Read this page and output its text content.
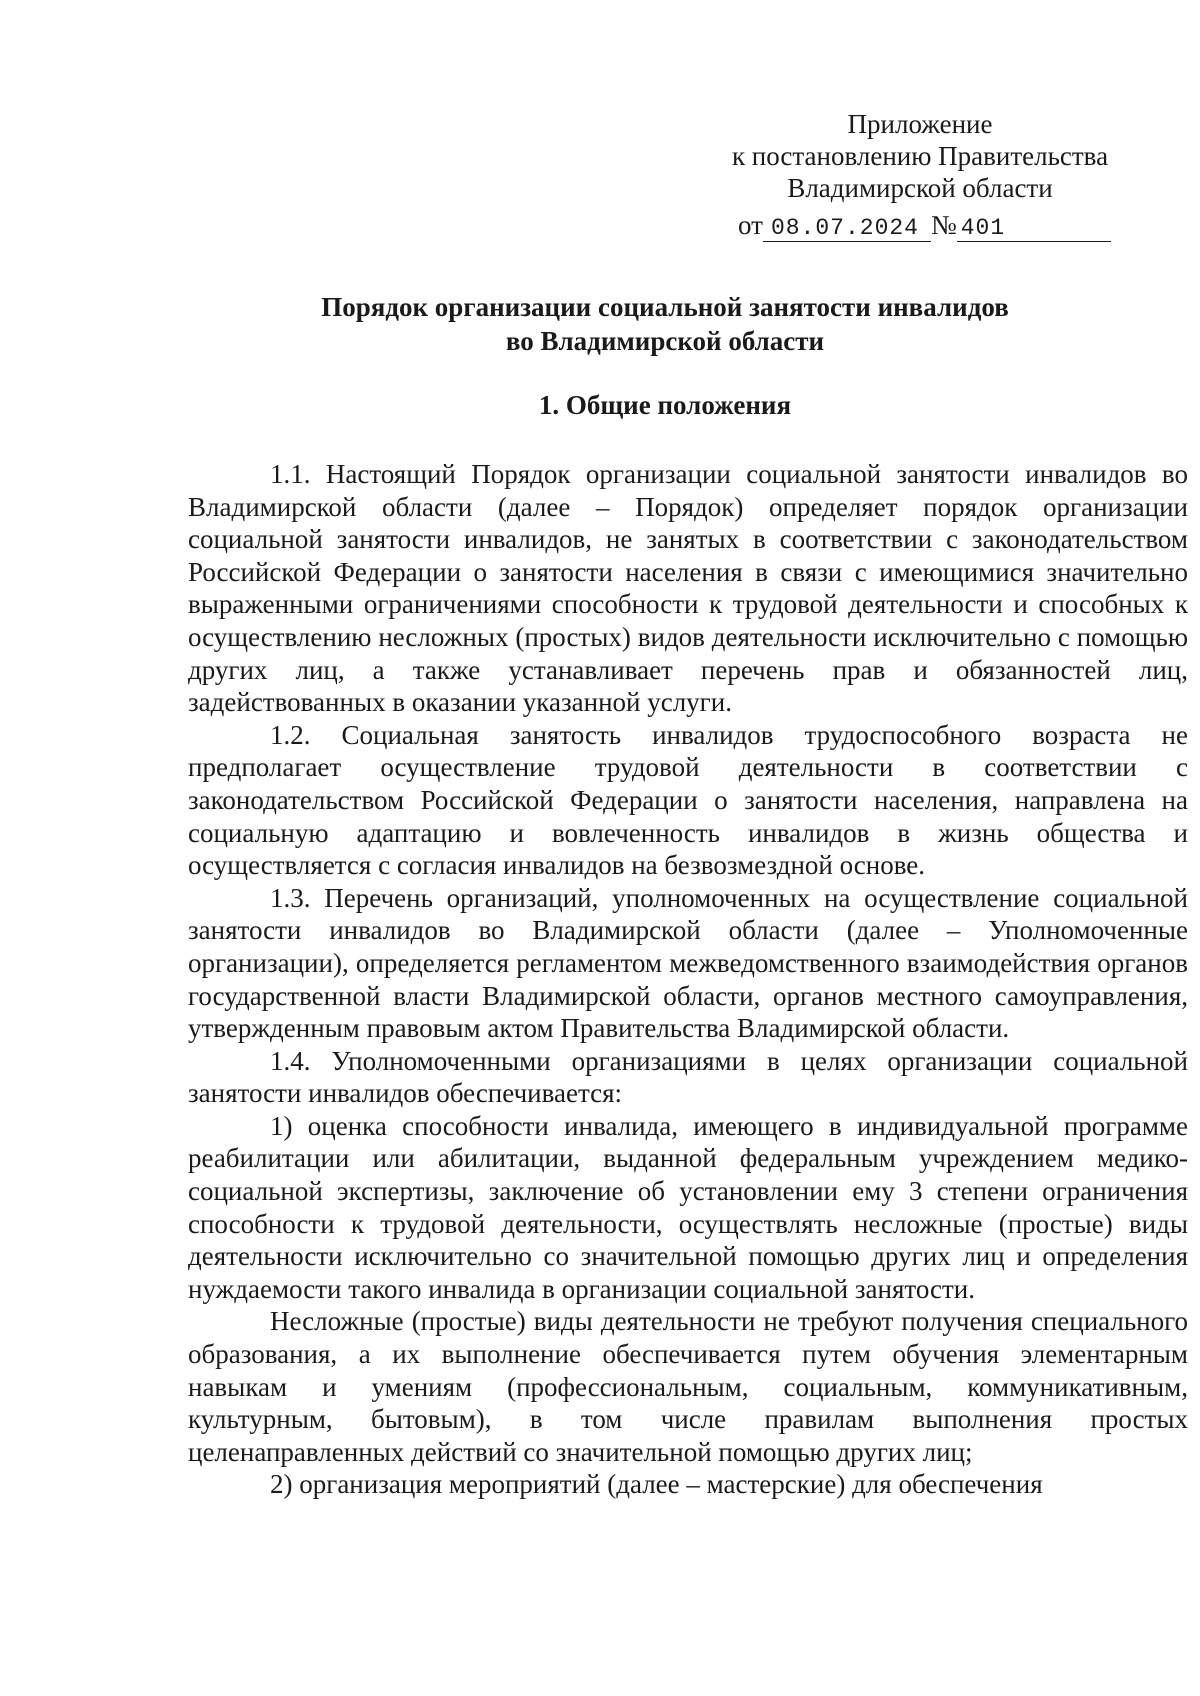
Приложение
к постановлению Правительства
Владимирской области
от 08.07.2024 № 401
Порядок организации социальной занятости инвалидов
во Владимирской области
1. Общие положения

1.1. Настоящий Порядок организации социальной занятости инвалидов во Владимирской области (далее – Порядок) определяет порядок организации социальной занятости инвалидов, не занятых в соответствии с законодательством Российской Федерации о занятости населения в связи с имеющимися значительно выраженными ограничениями способности к трудовой деятельности и способных к осуществлению несложных (простых) видов деятельности исключительно с помощью других лиц, а также устанавливает перечень прав и обязанностей лиц, задействованных в оказании указанной услуги.

1.2. Социальная занятость инвалидов трудоспособного возраста не предполагает осуществление трудовой деятельности в соответствии с законодательством Российской Федерации о занятости населения, направлена на социальную адаптацию и вовлеченность инвалидов в жизнь общества и осуществляется с согласия инвалидов на безвозмездной основе.

1.3. Перечень организаций, уполномоченных на осуществление социальной занятости инвалидов во Владимирской области (далее – Уполномоченные организации), определяется регламентом межведомственного взаимодействия органов государственной власти Владимирской области, органов местного самоуправления, утвержденным правовым актом Правительства Владимирской области.

1.4. Уполномоченными организациями в целях организации социальной занятости инвалидов обеспечивается:

1) оценка способности инвалида, имеющего в индивидуальной программе реабилитации или абилитации, выданной федеральным учреждением медико-социальной экспертизы, заключение об установлении ему 3 степени ограничения способности к трудовой деятельности, осуществлять несложные (простые) виды деятельности исключительно со значительной помощью других лиц и определения нуждаемости такого инвалида в организации социальной занятости.

Несложные (простые) виды деятельности не требуют получения специального образования, а их выполнение обеспечивается путем обучения элементарным навыкам и умениям (профессиональным, социальным, коммуникативным, культурным, бытовым), в том числе правилам выполнения простых целенаправленных действий со значительной помощью других лиц;

2) организация мероприятий (далее – мастерские) для обеспечения
